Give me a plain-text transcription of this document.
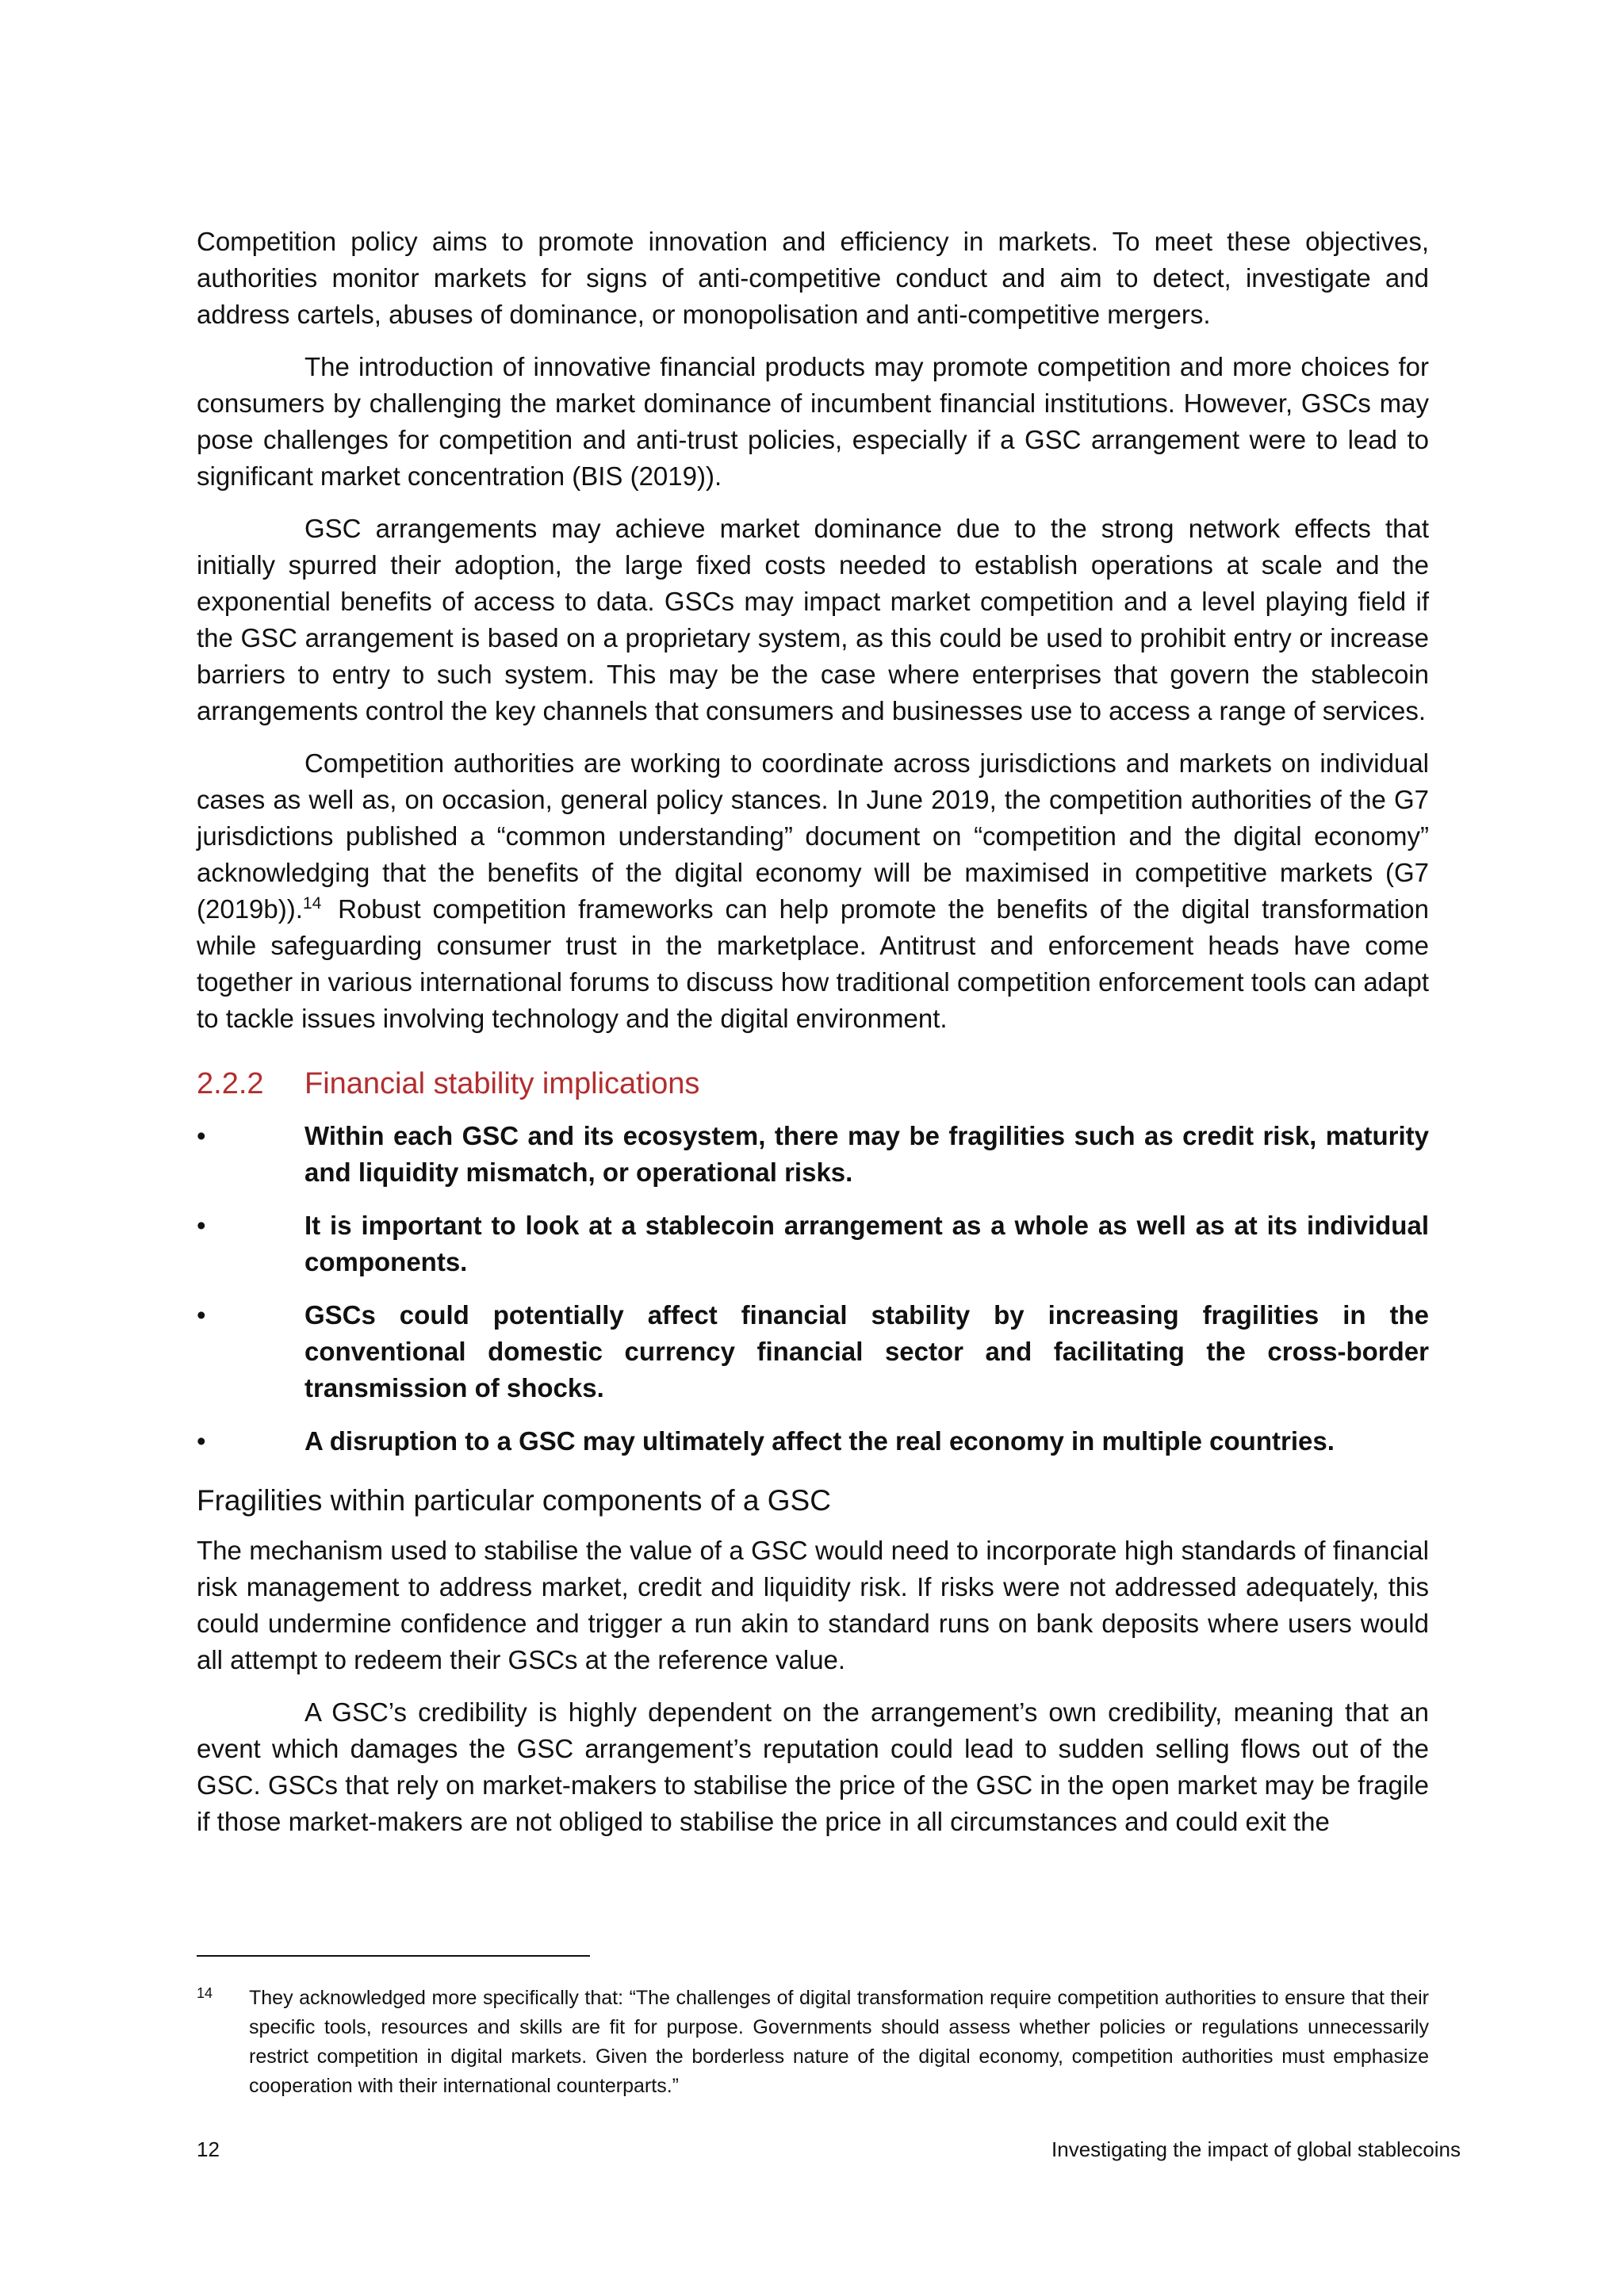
Competition policy aims to promote innovation and efficiency in markets. To meet these objectives, authorities monitor markets for signs of anti-competitive conduct and aim to detect, investigate and address cartels, abuses of dominance, or monopolisation and anti-competitive mergers.

The introduction of innovative financial products may promote competition and more choices for consumers by challenging the market dominance of incumbent financial institutions. However, GSCs may pose challenges for competition and anti-trust policies, especially if a GSC arrangement were to lead to significant market concentration (BIS (2019)).

GSC arrangements may achieve market dominance due to the strong network effects that initially spurred their adoption, the large fixed costs needed to establish operations at scale and the exponential benefits of access to data. GSCs may impact market competition and a level playing field if the GSC arrangement is based on a proprietary system, as this could be used to prohibit entry or increase barriers to entry to such system. This may be the case where enterprises that govern the stablecoin arrangements control the key channels that consumers and businesses use to access a range of services.

Competition authorities are working to coordinate across jurisdictions and markets on individual cases as well as, on occasion, general policy stances. In June 2019, the competition authorities of the G7 jurisdictions published a “common understanding” document on “competition and the digital economy” acknowledging that the benefits of the digital economy will be maximised in competitive markets (G7 (2019b)).$^{14}$ Robust competition frameworks can help promote the benefits of the digital transformation while safeguarding consumer trust in the marketplace. Antitrust and enforcement heads have come together in various international forums to discuss how traditional competition enforcement tools can adapt to tackle issues involving technology and the digital environment.

2.2.2 Financial stability implications
•	Within each GSC and its ecosystem, there may be fragilities such as credit risk, maturity and liquidity mismatch, or operational risks.
•	It is important to look at a stablecoin arrangement as a whole as well as at its individual components.
•	GSCs could potentially affect financial stability by increasing fragilities in the conventional domestic currency financial sector and facilitating the cross-border transmission of shocks.
•	A disruption to a GSC may ultimately affect the real economy in multiple countries.
Fragilities within particular components of a GSC

The mechanism used to stabilise the value of a GSC would need to incorporate high standards of financial risk management to address market, credit and liquidity risk. If risks were not addressed adequately, this could undermine confidence and trigger a run akin to standard runs on bank deposits where users would all attempt to redeem their GSCs at the reference value.

A GSC’s credibility is highly dependent on the arrangement’s own credibility, meaning that an event which damages the GSC arrangement’s reputation could lead to sudden selling flows out of the GSC. GSCs that rely on market-makers to stabilise the price of the GSC in the open market may be fragile if those market-makers are not obliged to stabilise the price in all circumstances and could exit the

14 They acknowledged more specifically that: “The challenges of digital transformation require competition authorities to ensure that their specific tools, resources and skills are fit for purpose. Governments should assess whether policies or regulations unnecessarily restrict competition in digital markets. Given the borderless nature of the digital economy, competition authorities must emphasize cooperation with their international counterparts.”
12	Investigating the impact of global stablecoins
